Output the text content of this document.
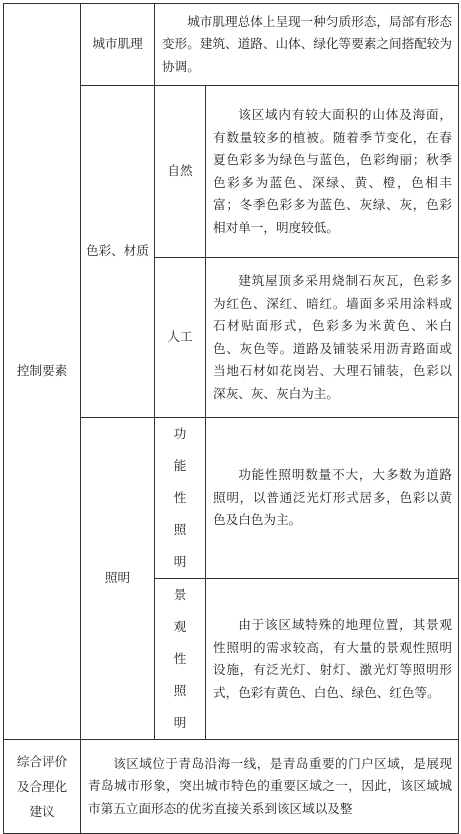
控制要素	城市肌理	城市肌理总体上呈现一种匀质形态，局部有形态变形。建筑、道路、山体、绿化等要素之间搭配较为协调。	

	色彩、材质	自然	该区域内有较大面积的山体及海面，有数量较多的植被。随着季节变化，在春夏色彩多为绿色与蓝色，色彩绚丽；秋季色彩多为蓝色、深绿、黄、橙，色相丰富；冬季色彩多为蓝色、灰绿、灰，色彩相对单一，明度较低。

		人工	建筑屋顶多采用烧制石灰瓦，色彩多为红色、深红、暗红。墙面多采用涂料或石材贴面形式，色彩多为米黄色、米白色、灰色等。道路及铺装采用沥青路面或当地石材如花岗岩、大理石铺装，色彩以深灰、灰、灰白为主。

	照明	功能性照明	功能性照明数量不大，大多数为道路照明，以普通泛光灯形式居多，色彩以黄色及白色为主。

		景观性照明	由于该区域特殊的地理位置，其景观性照明的需求较高，有大量的景观性照明设施，有泛光灯、射灯、激光灯等照明形式，色彩有黄色、白色、绿色、红色等。

综合评价及合理化建议	该区域位于青岛沿海一线，是青岛重要的门户区域，是展现青岛城市形象，突出城市特色的重要区域之一，因此，该区域城市第五立面形态的优劣直接关系到该区域以及整		
